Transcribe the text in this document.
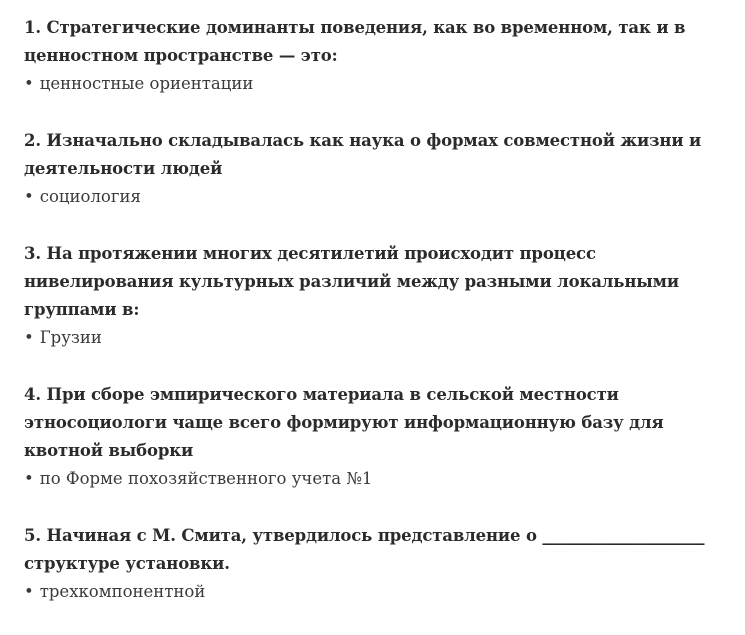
1. Стратегические доминанты поведения, как во временном, так и в ценностном пространстве — это:

• ценностные ориентации

2. Изначально складывалась как наука о формах совместной жизни и деятельности людей

• социология

3. На протяжении многих десятилетий происходит процесс нивелирования культурных различий между разными локальными группами в:

• Грузии

4. При сборе эмпирического материала в сельской местности этносоциологи чаще всего формируют информационную базу для квотной выборки

• по Форме похозяйственного учета №1

5. Начиная с М. Смита, утвердилось представление о ____________________ структуре установки.

• трехкомпонентной
